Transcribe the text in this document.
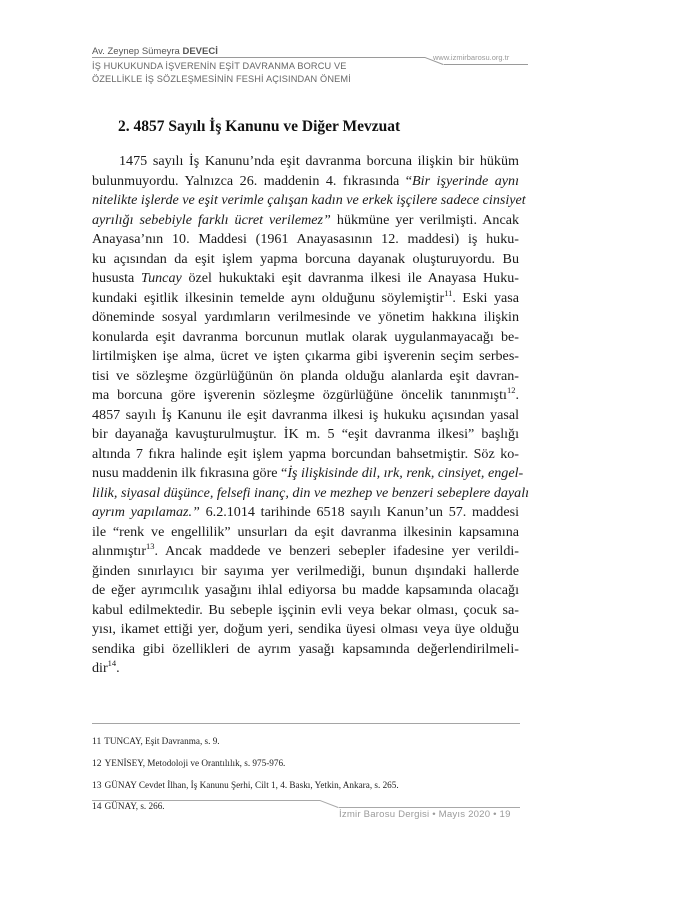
Av. Zeynep Sümeyra DEVECİ
www.izmirbarosu.org.tr
İŞ HUKUKUNDA İŞVERENİN EŞİT DAVRANMA BORCU VE
ÖZELLİKLE İŞ SÖZLEŞMESİNİN FESHİ AÇISINDAN ÖNEMİ
2. 4857 Sayılı İş Kanunu ve Diğer Mevzuat
1475 sayılı İş Kanunu’nda eşit davranma borcuna ilişkin bir hüküm
bulunmuyordu. Yalnızca 26. maddenin 4. fıkrasında “Bir işyerinde aynı
nitelikte işlerde ve eşit verimle çalışan kadın ve erkek işçilere sadece cinsiyet
ayrılığı sebebiyle farklı ücret verilemez” hükmüne yer verilmişti. Ancak
Anayasa’nın 10. Maddesi (1961 Anayasasının 12. maddesi) iş huku-
ku açısından da eşit işlem yapma borcuna dayanak oluşturuyordu. Bu
hususta Tuncay özel hukuktaki eşit davranma ilkesi ile Anayasa Huku-
kundaki eşitlik ilkesinin temelde aynı olduğunu söylemiştir$^{11}$. Eski yasa
döneminde sosyal yardımların verilmesinde ve yönetim hakkına ilişkin
konularda eşit davranma borcunun mutlak olarak uygulanmayacağı be-
lirtilmişken işe alma, ücret ve işten çıkarma gibi işverenin seçim serbes-
tisi ve sözleşme özgürlüğünün ön planda olduğu alanlarda eşit davran-
ma borcuna göre işverenin sözleşme özgürlüğüne öncelik tanınmıştı$^{12}$.
4857 sayılı İş Kanunu ile eşit davranma ilkesi iş hukuku açısından yasal
bir dayanağa kavuşturulmuştur. İK m. 5 “eşit davranma ilkesi” başlığı
altında 7 fıkra halinde eşit işlem yapma borcundan bahsetmiştir. Söz ko-
nusu maddenin ilk fıkrasına göre “İş ilişkisinde dil, ırk, renk, cinsiyet, engel-
lilik, siyasal düşünce, felsefi inanç, din ve mezhep ve benzeri sebeplere dayalı
ayrım yapılamaz.” 6.2.1014 tarihinde 6518 sayılı Kanun’un 57. maddesi
ile “renk ve engellilik” unsurları da eşit davranma ilkesinin kapsamına
alınmıştır$^{13}$. Ancak maddede ve benzeri sebepler ifadesine yer verildi-
ğinden sınırlayıcı bir sayıma yer verilmediği, bunun dışındaki hallerde
de eğer ayrımcılık yasağını ihlal ediyorsa bu madde kapsamında olacağı
kabul edilmektedir. Bu sebeple işçinin evli veya bekar olması, çocuk sa-
yısı, ikamet ettiği yer, doğum yeri, sendika üyesi olması veya üye olduğu
sendika gibi özellikleri de ayrım yasağı kapsamında değerlendirilmeli-
dir$^{14}$.
11 TUNCAY, Eşit Davranma, s. 9.
12 YENİSEY, Metodoloji ve Orantılılık, s. 975-976.
13 GÜNAY Cevdet İlhan, İş Kanunu Şerhi, Cilt 1, 4. Baskı, Yetkin, Ankara, s. 265.
14 GÜNAY, s. 266.
İzmir Barosu Dergisi • Mayıs 2020 • 19
